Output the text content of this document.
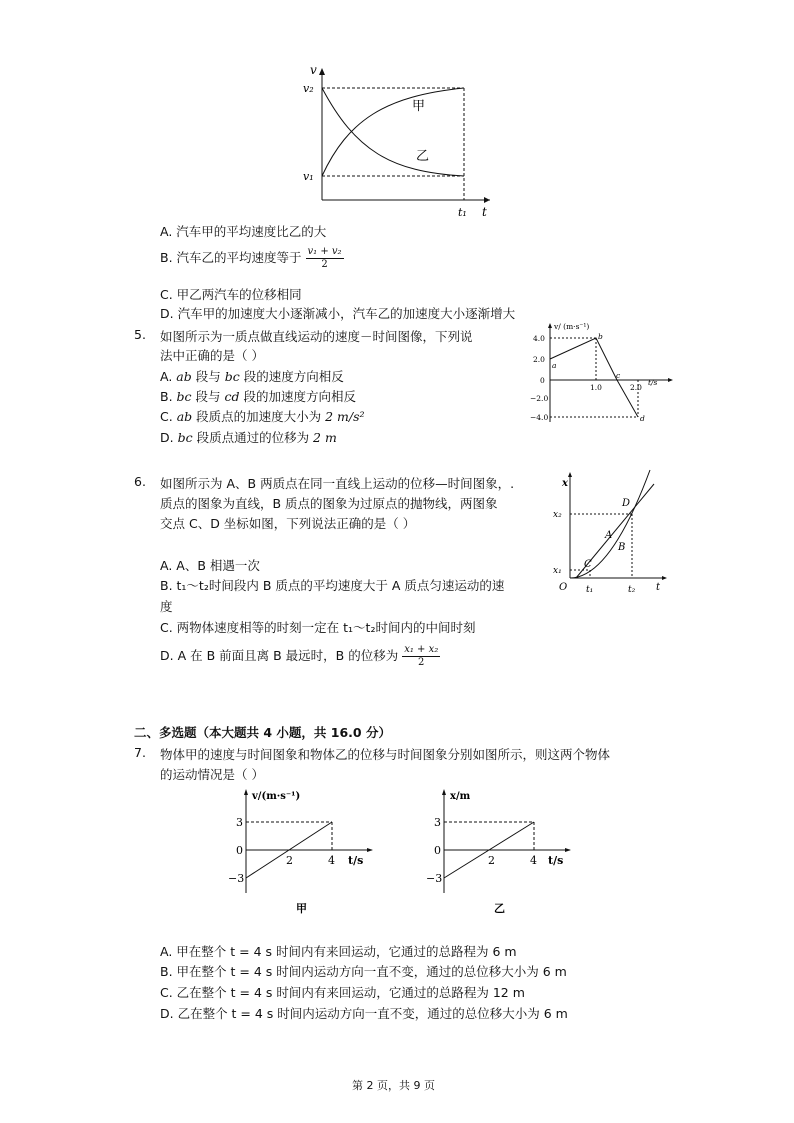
v
v₂
v₁
t₁ t
甲
乙
A. 汽车甲的平均速度比乙的大
B. 汽车乙的平均速度等于 $\frac{\text{v₁ + v₂}}{2}$
C. 甲乙两汽车的位移相同
D. 汽车甲的加速度大小逐渐减小，汽车乙的加速度大小逐渐增大
5. 如图所示为一质点做直线运动的速度－时间图像，下列说
法中正确的是（ ）
A. ab 段与 bc 段的速度方向相反
B. bc 段与 cd 段的加速度方向相反
C. ab 段质点的加速度大小为 2 m/s²
D. bc 段质点通过的位移为 2 m
v/ (m·s⁻¹)
4.0
2.0
0
−2.0
−4.0
1.0	2.0
t/s
a
b
c
d
6. 如图所示为 A、B 两质点在同一直线上运动的位移—时间图象，.
质点的图象为直线，B 质点的图象为过原点的抛物线，两图象
交点 C、D 坐标如图，下列说法正确的是（ ）
A. A、B 相遇一次
B. t₁～t₂时间段内 B 质点的平均速度大于 A 质点匀速运动的速
度
C. 两物体速度相等的时刻一定在 t₁～t₂时间内的中间时刻
D. A 在 B 前面且离 B 最远时，B 的位移为 $\frac{\text{x₁ + x₂}}{2}$
x
x₂
x₁
O t₁	t₂ t
A
B
C
D
二、多选题（本大题共 4 小题，共 16.0 分）
7. 物体甲的速度与时间图象和物体乙的位移与时间图象分别如图所示，则这两个物体
的运动情况是（ ）
v/(m·s⁻¹)
3
0
−3
2	4 t/s
甲
x/m
3
0
−3
2	4 t/s
乙
A. 甲在整个 t = 4 s 时间内有来回运动，它通过的总路程为 6 m
B. 甲在整个 t = 4 s 时间内运动方向一直不变，通过的总位移大小为 6 m
C. 乙在整个 t = 4 s 时间内有来回运动，它通过的总路程为 12 m
D. 乙在整个 t = 4 s 时间内运动方向一直不变，通过的总位移大小为 6 m
第 2 页，共 9 页
